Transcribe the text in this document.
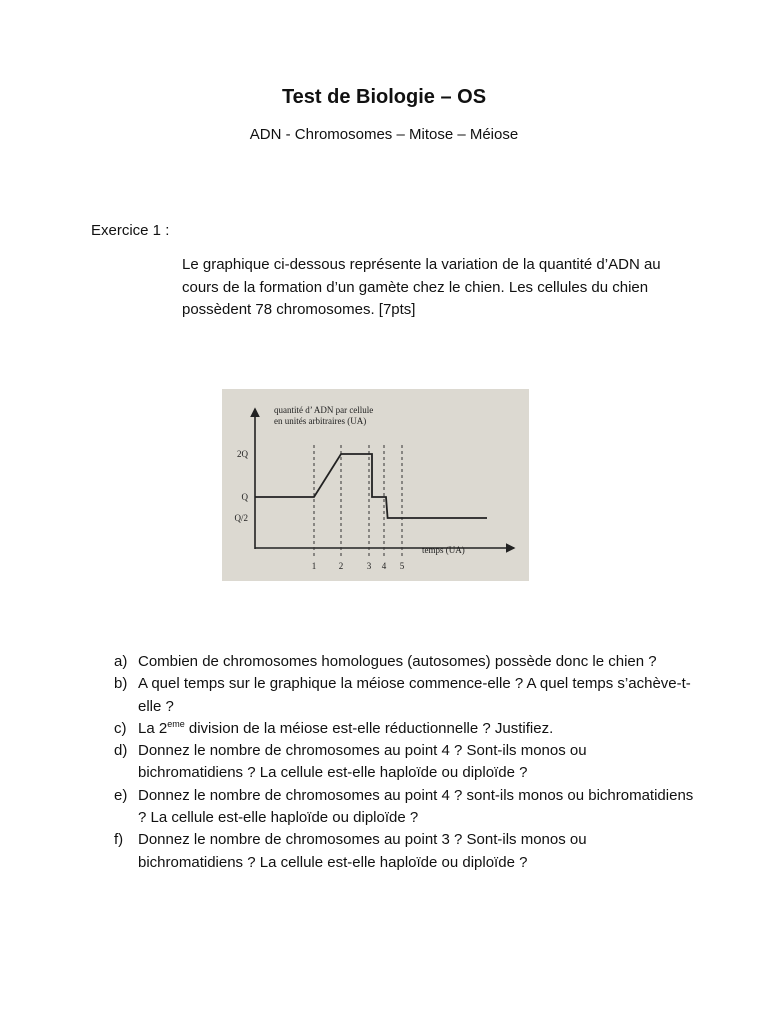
Test de Biologie – OS

ADN - Chromosomes – Mitose – Méiose

Exercice 1 :

Le graphique ci-dessous représente la variation de la quantité d’ADN au cours de la formation d’un gamète chez le chien. Les cellules du chien possèdent 78 chromosomes. [7pts]

quantité d’ ADN par cellule
en unités arbitraires (UA)
temps (UA)
2Q
Q
Q/2
1	2	3 4 5
a) Combien de chromosomes homologues (autosomes) possède donc le chien ?
b) A quel temps sur le graphique la méiose commence-elle ? A quel temps s’achève-t-elle ?
c) La 2eme division de la méiose est-elle réductionnelle ? Justifiez.
d) Donnez le nombre de chromosomes au point 4 ? Sont-ils monos ou bichromatidiens ? La cellule est-elle haploïde ou diploïde ?
e) Donnez le nombre de chromosomes au point 4 ? sont-ils monos ou bichromatidiens ? La cellule est-elle haploïde ou diploïde ?
f) Donnez le nombre de chromosomes au point 3 ? Sont-ils monos ou bichromatidiens ? La cellule est-elle haploïde ou diploïde ?
